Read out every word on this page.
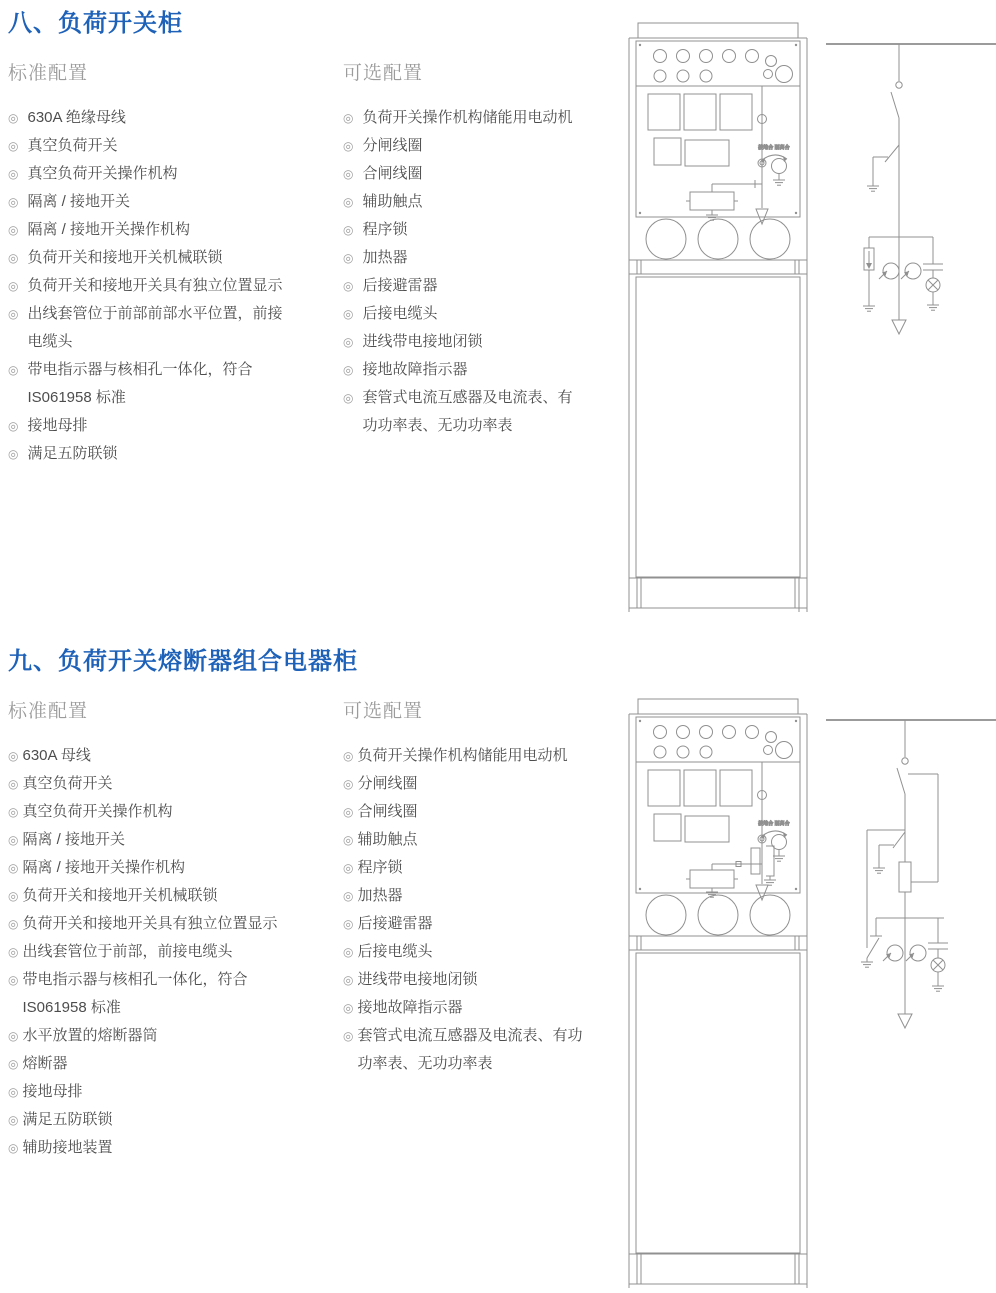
八、负荷开关柜
标准配置
◎ 630A 绝缘母线
◎ 真空负荷开关
◎ 真空负荷开关操作机构
◎ 隔离 / 接地开关
◎ 隔离 / 接地开关操作机构
◎ 负荷开关和接地开关机械联锁
◎ 负荷开关和接地开关具有独立位置显示
◎ 出线套管位于前部前部水平位置，前接电缆头
◎ 带电指示器与核相孔一体化，符合 IS061958 标准
◎ 接地母排
◎ 满足五防联锁
可选配置
◎ 负荷开关操作机构储能用电动机
◎ 分闸线圈
◎ 合闸线圈
◎ 辅助触点
◎ 程序锁
◎ 加热器
◎ 后接避雷器
◎ 后接电缆头
◎ 进线带电接地闭锁
◎ 接地故障指示器
◎ 套管式电流互感器及电流表、有功功率表、无功功率表
接地合 隔离合
九、负荷开关熔断器组合电器柜
标准配置
◎ 630A 母线
◎ 真空负荷开关
◎ 真空负荷开关操作机构
◎ 隔离 / 接地开关
◎ 隔离 / 接地开关操作机构
◎ 负荷开关和接地开关机械联锁
◎ 负荷开关和接地开关具有独立位置显示
◎ 出线套管位于前部，前接电缆头
◎ 带电指示器与核相孔一体化，符合 IS061958 标准
◎ 水平放置的熔断器筒
◎ 熔断器
◎ 接地母排
◎ 满足五防联锁
◎ 辅助接地装置
可选配置
◎ 负荷开关操作机构储能用电动机
◎ 分闸线圈
◎ 合闸线圈
◎ 辅助触点
◎ 程序锁
◎ 加热器
◎ 后接避雷器
◎ 后接电缆头
◎ 进线带电接地闭锁
◎ 接地故障指示器
◎ 套管式电流互感器及电流表、有功功率表、无功功率表
接地合 隔离合
